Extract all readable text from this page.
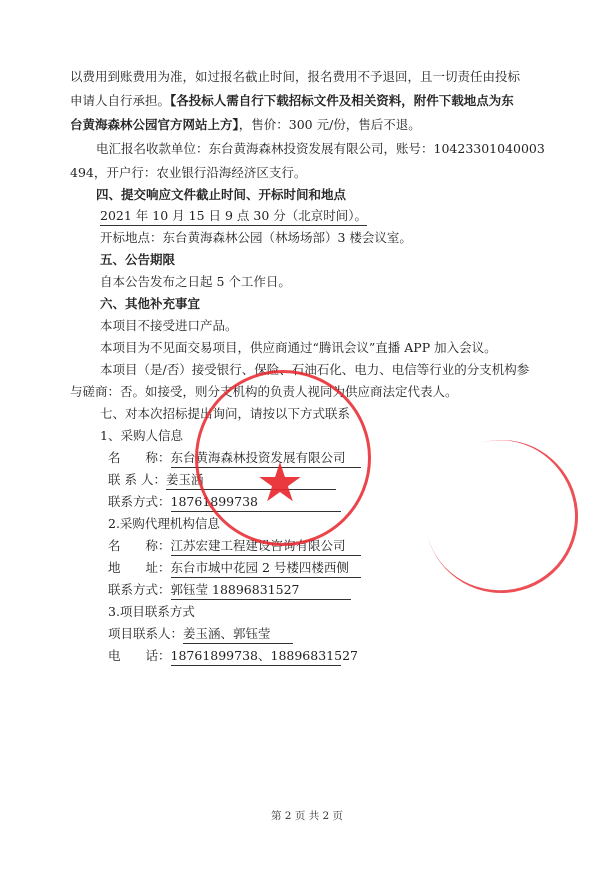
以费用到账费用为准，如过报名截止时间，报名费用不予退回，且一切责任由投标
申请人自行承担。【各投标人需自行下载招标文件及相关资料，附件下载地点为东
台黄海森林公园官方网站上方】，售价：300 元/份，售后不退。
电汇报名收款单位：东台黄海森林投资发展有限公司，账号：10423301040003
494，开户行：农业银行沿海经济区支行。
四、提交响应文件截止时间、开标时间和地点
2021 年 10 月 15 日 9 点 30 分（北京时间）。
开标地点：东台黄海森林公园（林场场部）3 楼会议室。
五、公告期限
自本公告发布之日起 5 个工作日。
六、其他补充事宜
本项目不接受进口产品。
本项目为不见面交易项目，供应商通过“腾讯会议”直播 APP 加入会议。
本项目（是/否）接受银行、保险、石油石化、电力、电信等行业的分支机构参
与磋商：否。如接受，则分支机构的负责人视同为供应商法定代表人。
七、对本次招标提出询问，请按以下方式联系
1、采购人信息
名　　称：东台黄海森林投资发展有限公司
联 系 人：姜玉涵
联系方式：18761899738
2.采购代理机构信息
名　　称：江苏宏建工程建设咨询有限公司
地　　址：东台市城中花园 2 号楼四楼西侧
联系方式：郭钰莹 18896831527
3.项目联系方式
项目联系人：姜玉涵、郭钰莹
电　　话：18761899738、18896831527
★
第 2 页 共 2 页
